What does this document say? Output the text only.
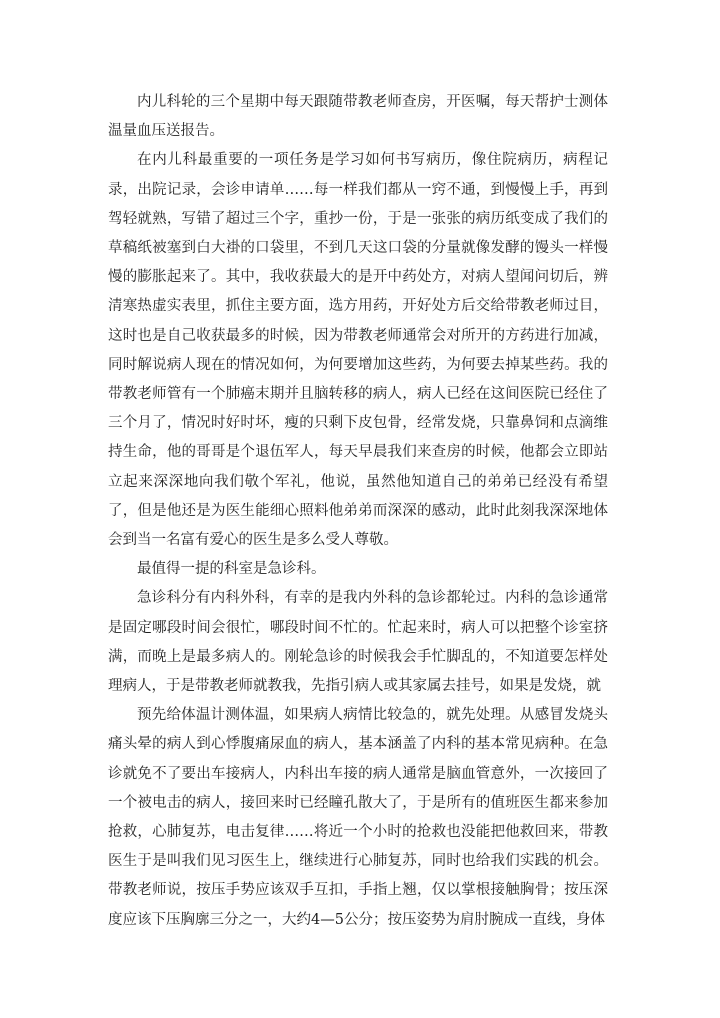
内儿科轮的三个星期中每天跟随带教老师查房，开医嘱，每天帮护士测体温量血压送报告。

在内儿科最重要的一项任务是学习如何书写病历，像住院病历，病程记录，出院记录，会诊申请单……每一样我们都从一窍不通，到慢慢上手，再到驾轻就熟，写错了超过三个字，重抄一份，于是一张张的病历纸变成了我们的草稿纸被塞到白大褂的口袋里，不到几天这口袋的分量就像发酵的馒头一样慢慢的膨胀起来了。其中，我收获最大的是开中药处方，对病人望闻问切后，辨清寒热虚实表里，抓住主要方面，选方用药，开好处方后交给带教老师过目，这时也是自己收获最多的时候，因为带教老师通常会对所开的方药进行加减，同时解说病人现在的情况如何，为何要增加这些药，为何要去掉某些药。我的带教老师管有一个肺癌末期并且脑转移的病人，病人已经在这间医院已经住了三个月了，情况时好时坏，瘦的只剩下皮包骨，经常发烧，只靠鼻饲和点滴维持生命，他的哥哥是个退伍军人，每天早晨我们来查房的时候，他都会立即站立起来深深地向我们敬个军礼，他说，虽然他知道自己的弟弟已经没有希望了，但是他还是为医生能细心照料他弟弟而深深的感动，此时此刻我深深地体会到当一名富有爱心的医生是多么受人尊敬。

最值得一提的科室是急诊科。

急诊科分有内科外科，有幸的是我内外科的急诊都轮过。内科的急诊通常是固定哪段时间会很忙，哪段时间不忙的。忙起来时，病人可以把整个诊室挤满，而晚上是最多病人的。刚轮急诊的时候我会手忙脚乱的，不知道要怎样处理病人，于是带教老师就教我，先指引病人或其家属去挂号，如果是发烧，就

预先给体温计测体温，如果病人病情比较急的，就先处理。从感冒发烧头痛头晕的病人到心悸腹痛尿血的病人，基本涵盖了内科的基本常见病种。在急诊就免不了要出车接病人，内科出车接的病人通常是脑血管意外，一次接回了一个被电击的病人，接回来时已经瞳孔散大了，于是所有的值班医生都来参加抢救，心肺复苏，电击复律……将近一个小时的抢救也没能把他救回来，带教医生于是叫我们见习医生上，继续进行心肺复苏，同时也给我们实践的机会。带教老师说，按压手势应该双手互扣，手指上翘，仅以掌根接触胸骨；按压深度应该下压胸廓三分之一，大约4—5公分；按压姿势为肩肘腕成一直线，身体
